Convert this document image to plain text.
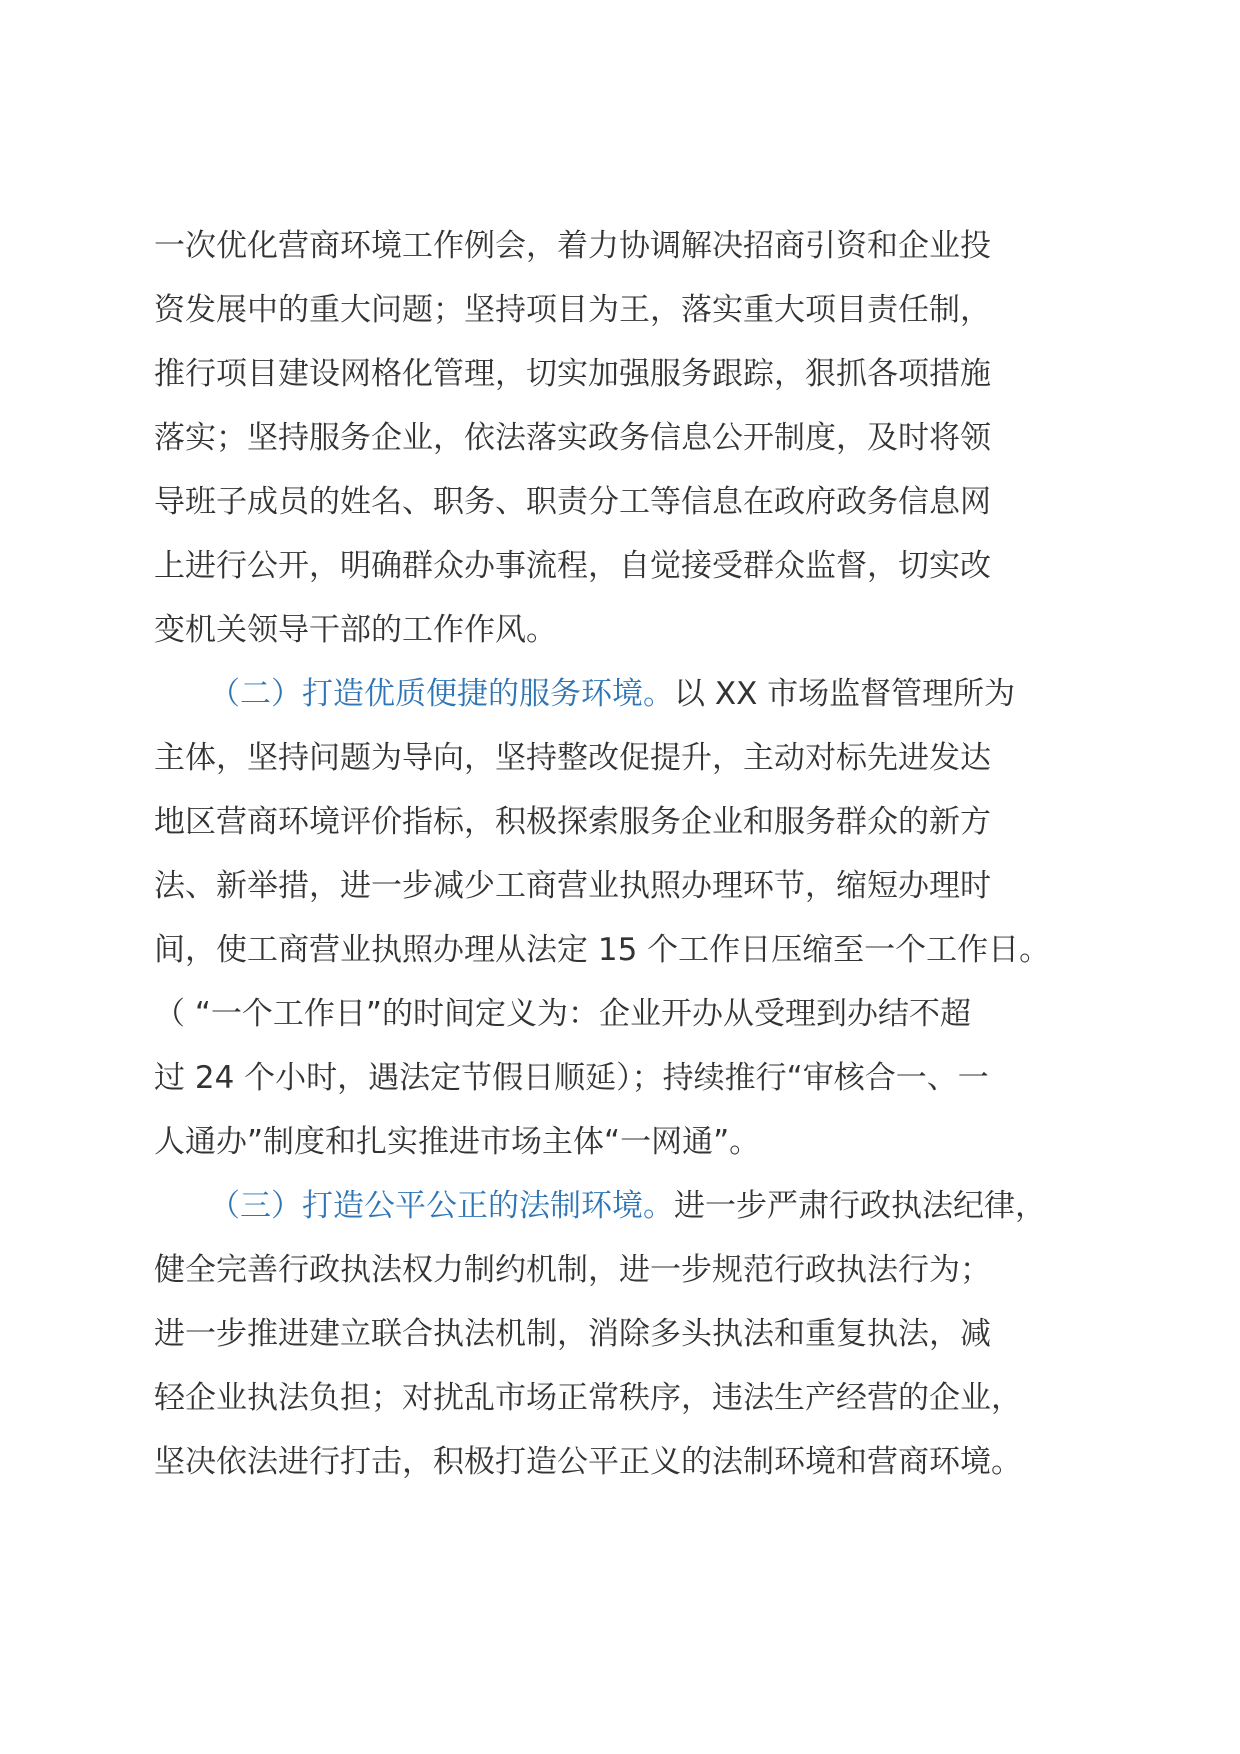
一次优化营商环境工作例会，着力协调解决招商引资和企业投
资发展中的重大问题；坚持项目为王，落实重大项目责任制，
推行项目建设网格化管理，切实加强服务跟踪，狠抓各项措施
落实；坚持服务企业，依法落实政务信息公开制度，及时将领
导班子成员的姓名、职务、职责分工等信息在政府政务信息网
上进行公开，明确群众办事流程，自觉接受群众监督，切实改
变机关领导干部的工作作风。
（二）打造优质便捷的服务环境。以 XX 市场监督管理所为
主体，坚持问题为导向，坚持整改促提升，主动对标先进发达
地区营商环境评价指标，积极探索服务企业和服务群众的新方
法、新举措，进一步减少工商营业执照办理环节，缩短办理时
间，使工商营业执照办理从法定 15 个工作日压缩至一个工作日。
（ “一个工作日”的时间定义为：企业开办从受理到办结不超
过 24 个小时，遇法定节假日顺延）；持续推行“审核合一、一
人通办”制度和扎实推进市场主体“一网通”。
（三）打造公平公正的法制环境。进一步严肃行政执法纪律，
健全完善行政执法权力制约机制，进一步规范行政执法行为；
进一步推进建立联合执法机制，消除多头执法和重复执法，减
轻企业执法负担；对扰乱市场正常秩序，违法生产经营的企业，
坚决依法进行打击，积极打造公平正义的法制环境和营商环境。
